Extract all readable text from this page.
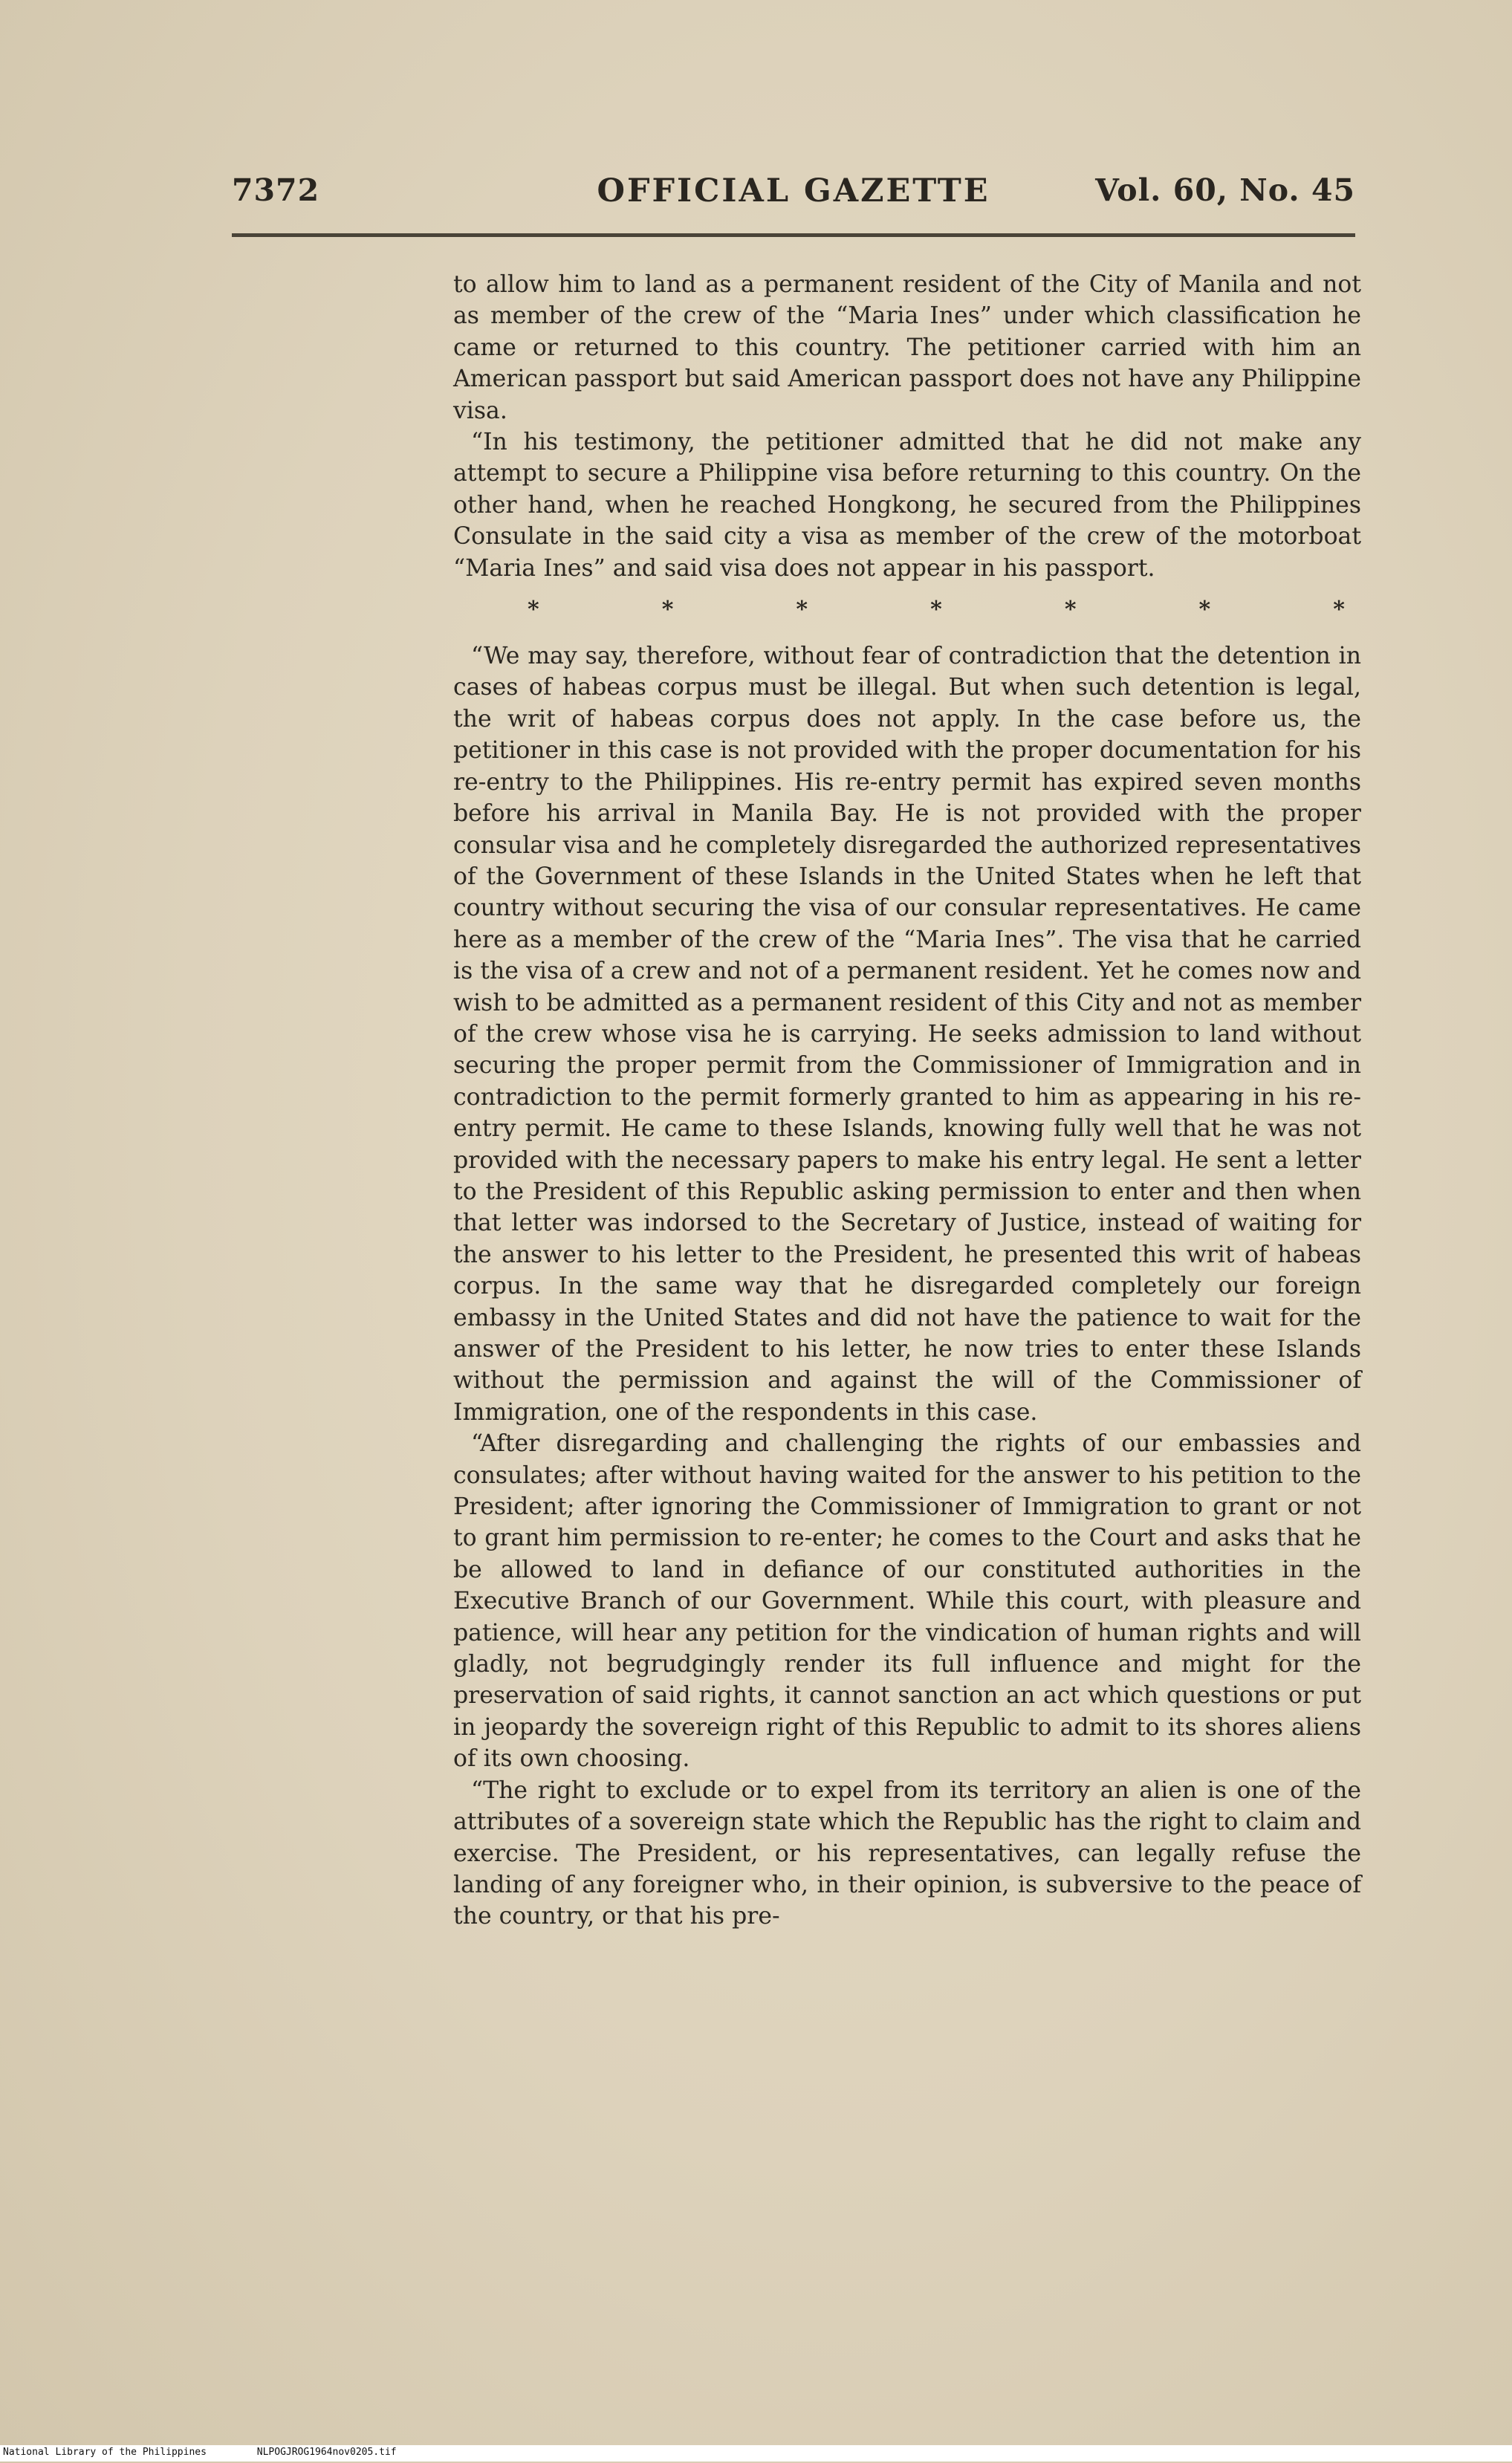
7372	OFFICIAL GAZETTE	Vol. 60, No. 45

to allow him to land as a permanent resident of the City of Manila and not as member of the crew of the “Maria Ines” under which classification he came or returned to this country. The petitioner carried with him an American passport but said American passport does not have any Philippine visa.

“In his testimony, the petitioner admitted that he did not make any attempt to secure a Philippine visa before returning to this country. On the other hand, when he reached Hongkong, he secured from the Philippines Consulate in the said city a visa as member of the crew of the motorboat “Maria Ines” and said visa does not appear in his passport.

*	*	*	*	*	*	*

“We may say, therefore, without fear of contradiction that the detention in cases of habeas corpus must be illegal. But when such detention is legal, the writ of habeas corpus does not apply. In the case before us, the petitioner in this case is not provided with the proper documentation for his re-entry to the Philippines. His re-entry permit has expired seven months before his arrival in Manila Bay. He is not provided with the proper consular visa and he completely disregarded the authorized representatives of the Government of these Islands in the United States when he left that country without securing the visa of our consular representatives. He came here as a member of the crew of the “Maria Ines”. The visa that he carried is the visa of a crew and not of a permanent resident. Yet he comes now and wish to be admitted as a permanent resident of this City and not as member of the crew whose visa he is carrying. He seeks admission to land without securing the proper permit from the Commissioner of Immigration and in contradiction to the permit formerly granted to him as appearing in his re-entry permit. He came to these Islands, knowing fully well that he was not provided with the necessary papers to make his entry legal. He sent a letter to the President of this Republic asking permission to enter and then when that letter was indorsed to the Secretary of Justice, instead of waiting for the answer to his letter to the President, he presented this writ of habeas corpus. In the same way that he disregarded completely our foreign embassy in the United States and did not have the patience to wait for the answer of the President to his letter, he now tries to enter these Islands without the permission and against the will of the Commissioner of Immigration, one of the respondents in this case.

“After disregarding and challenging the rights of our embassies and consulates; after without having waited for the answer to his petition to the President; after ignoring the Commissioner of Immigration to grant or not to grant him permission to re-enter; he comes to the Court and asks that he be allowed to land in defiance of our constituted authorities in the Executive Branch of our Government. While this court, with pleasure and patience, will hear any petition for the vindication of human rights and will gladly, not begrudgingly render its full influence and might for the preservation of said rights, it cannot sanction an act which questions or put in jeopardy the sovereign right of this Republic to admit to its shores aliens of its own choosing.

“The right to exclude or to expel from its territory an alien is one of the attributes of a sovereign state which the Republic has the right to claim and exercise. The President, or his representatives, can legally refuse the landing of any foreigner who, in their opinion, is subversive to the peace of the country, or that his pre-

National Library of the Philippines	NLPOGJROG1964nov0205.tif
